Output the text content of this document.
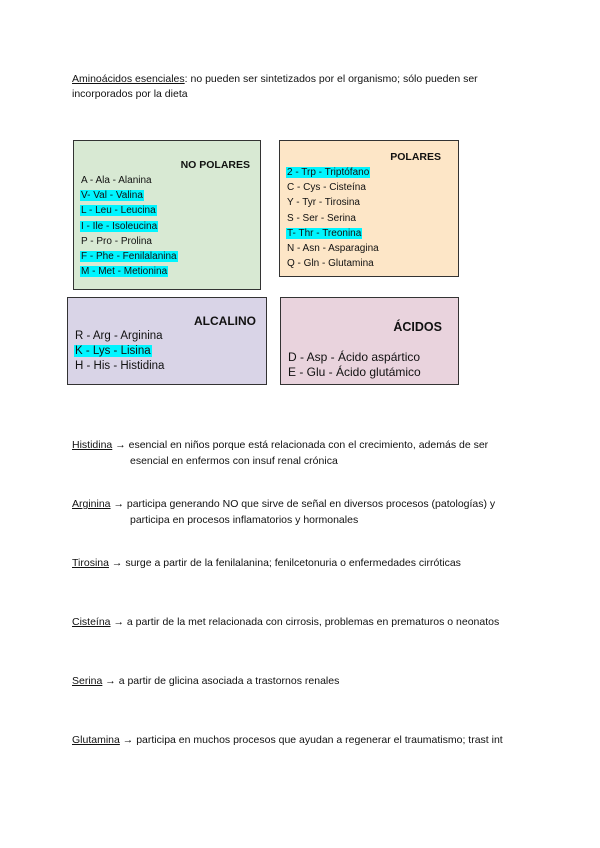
Aminoácidos esenciales: no pueden ser sintetizados por el organismo; sólo pueden ser incorporados por la dieta
NO POLARES
A - Ala - Alanina
V- Val - Valina
L - Leu - Leucina
I - Ile - Isoleucina
P - Pro - Prolina
F - Phe - Fenilalanina
M - Met - Metionina
POLARES
2 - Trp - Triptófano
C - Cys - Cisteína
Y - Tyr - Tirosina
S - Ser - Serina
T- Thr - Treonina
N - Asn - Asparagina
Q - Gln - Glutamina
ALCALINO
R - Arg - Arginina
K - Lys - Lisina
H - His - Histidina
ÁCIDOS
D - Asp - Ácido aspártico
E - Glu - Ácido glutámico
Histidina → esencial en niños porque está relacionada con el crecimiento, además de ser
esencial en enfermos con insuf renal crónica
Arginina → participa generando NO que sirve de señal en diversos procesos (patologías) y
participa en procesos inflamatorios y hormonales
Tirosina → surge a partir de la fenilalanina; fenilcetonuria o enfermedades cirróticas
Cisteína → a partir de la met relacionada con cirrosis, problemas en prematuros o neonatos
Serina → a partir de glicina asociada a trastornos renales
Glutamina → participa en muchos procesos que ayudan a regenerar el traumatismo; trast int
